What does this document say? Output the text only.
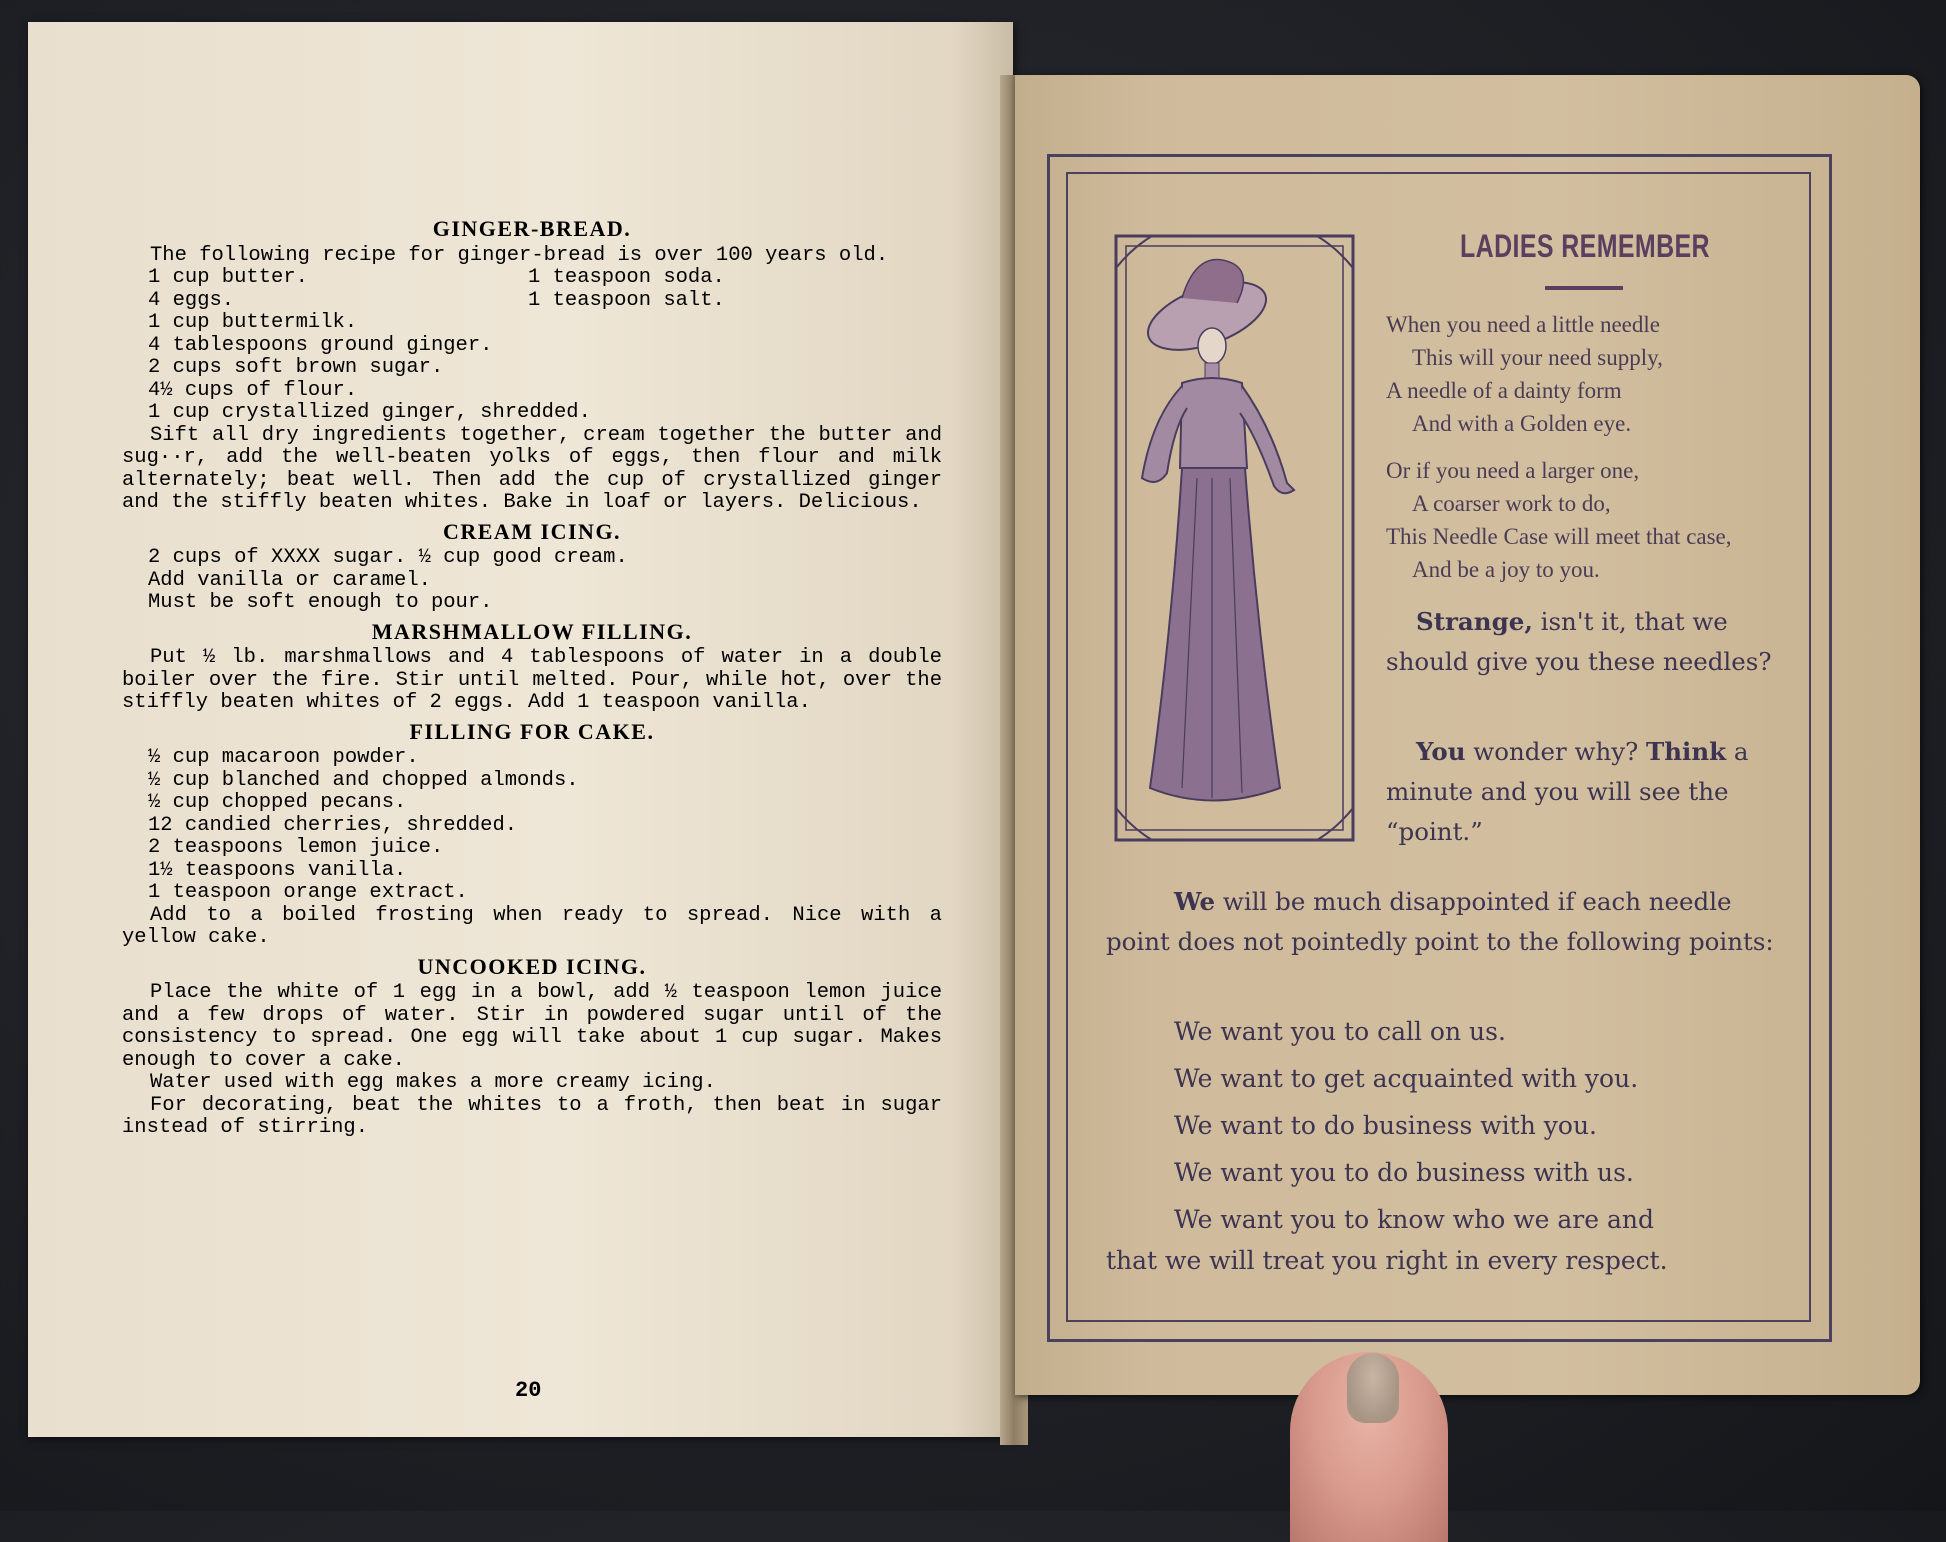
GINGER-BREAD.
The following recipe for ginger-bread is over 100 years old.
1 cup butter.
4 eggs.
1 teaspoon soda.
1 teaspoon salt.
1 cup buttermilk.
4 tablespoons ground ginger.
2 cups soft brown sugar.
4½ cups of flour.
1 cup crystallized ginger, shredded.
Sift all dry ingredients together, cream together the butter and sug··r, add the well-beaten yolks of eggs, then flour and milk alternately; beat well. Then add the cup of crystallized ginger and the stiffly beaten whites. Bake in loaf or layers. Delicious.
CREAM ICING.
2 cups of XXXX sugar. ½ cup good cream.
Add vanilla or caramel.
Must be soft enough to pour.
MARSHMALLOW FILLING.
Put ½ lb. marshmallows and 4 tablespoons of water in a double boiler over the fire. Stir until melted. Pour, while hot, over the stiffly beaten whites of 2 eggs. Add 1 teaspoon vanilla.
FILLING FOR CAKE.
½ cup macaroon powder.
½ cup blanched and chopped almonds.
½ cup chopped pecans.
12 candied cherries, shredded.
2 teaspoons lemon juice.
1½ teaspoons vanilla.
1 teaspoon orange extract.
Add to a boiled frosting when ready to spread. Nice with a yellow cake.
UNCOOKED ICING.
Place the white of 1 egg in a bowl, add ½ teaspoon lemon juice and a few drops of water. Stir in powdered sugar until of the consistency to spread. One egg will take about 1 cup sugar. Makes enough to cover a cake.
Water used with egg makes a more creamy icing.
For decorating, beat the whites to a froth, then beat in sugar instead of stirring.
20
LADIES REMEMBER
When you need a little needle
This will your need supply,
A needle of a dainty form
And with a Golden eye.
Or if you need a larger one,
A coarser work to do,
This Needle Case will meet that case,
And be a joy to you.
Strange, isn't it, that we should give you these needles?
You wonder why? Think a minute and you will see the “point.”
We will be much disappointed if each needle point does not pointedly point to the following points:
We want you to call on us.
We want to get acquainted with you.
We want to do business with you.
We want you to do business with us.
We want you to know who we are and
that we will treat you right in every respect.
